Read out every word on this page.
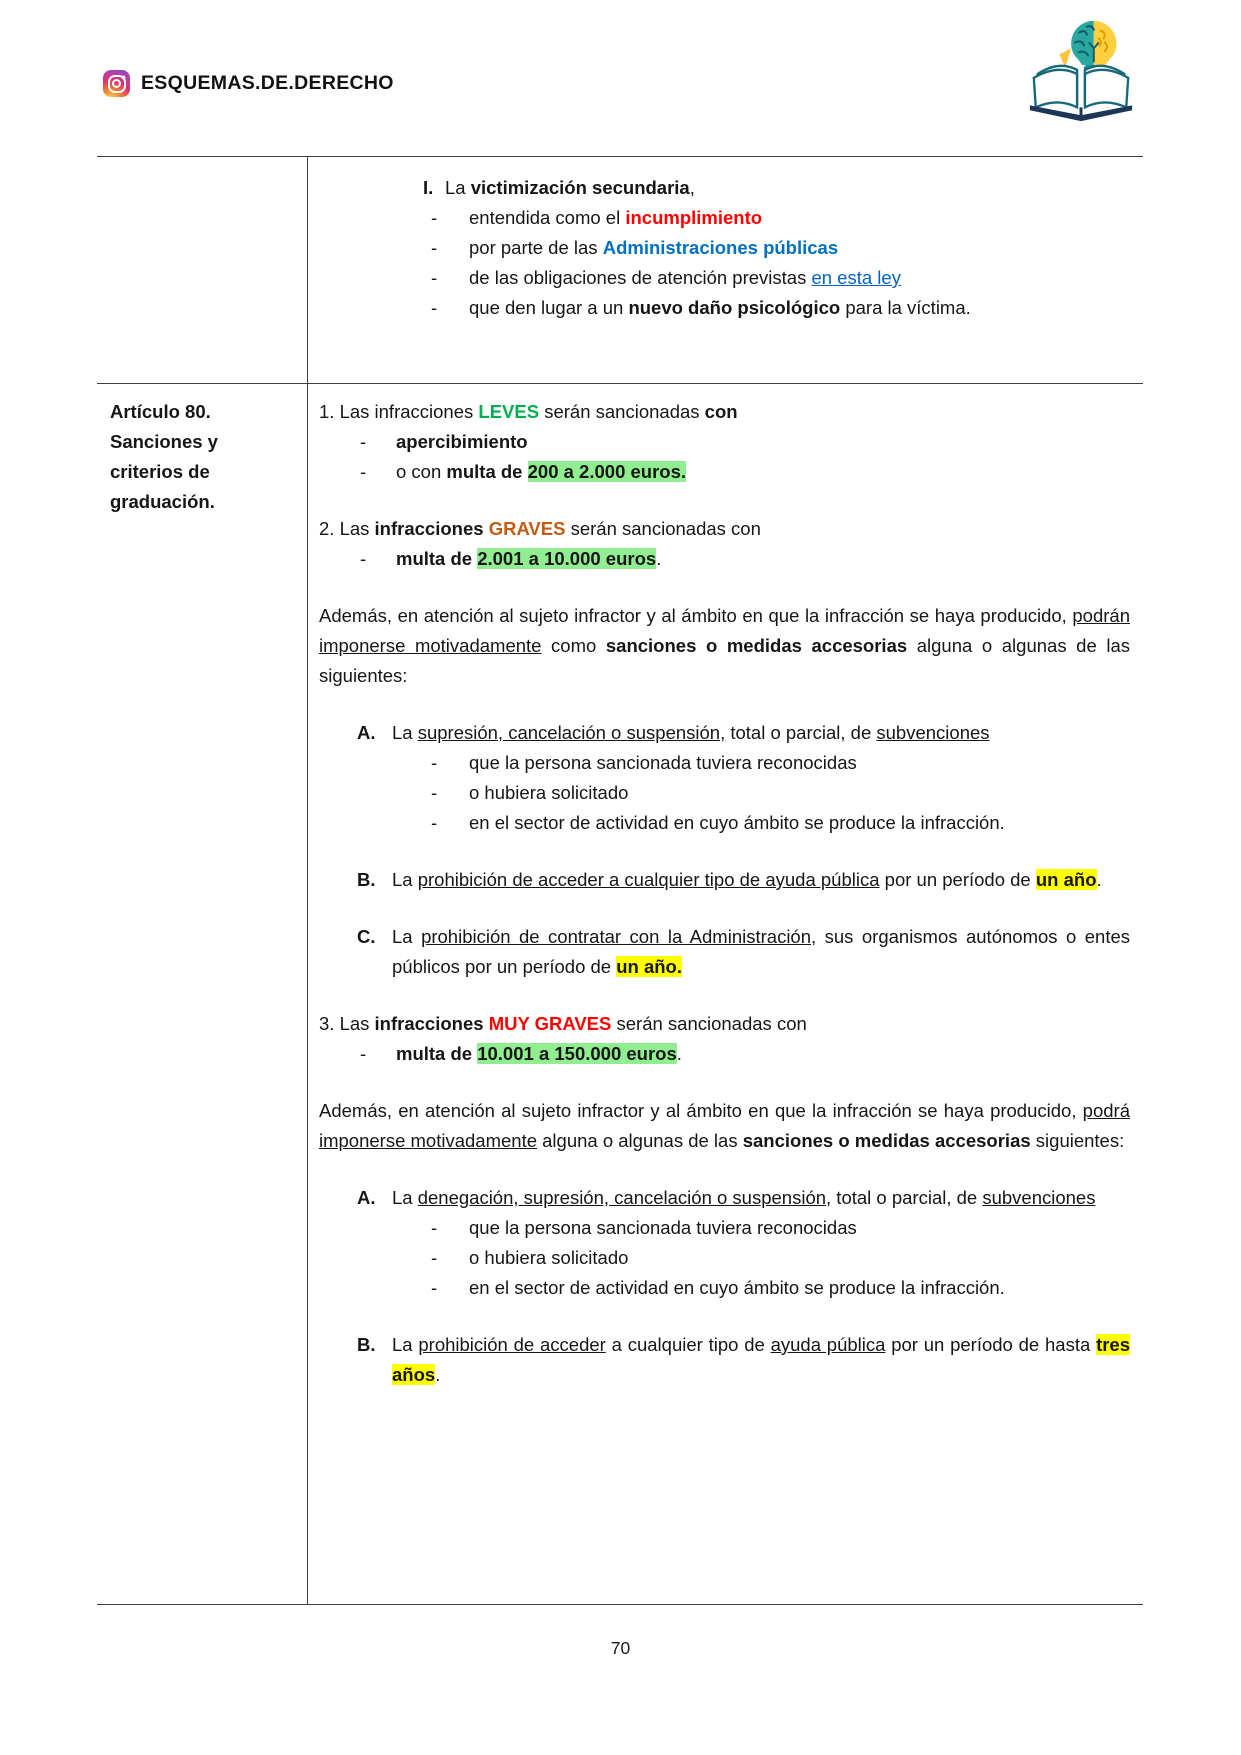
ESQUEMAS.DE.DERECHO
I. La victimización secundaria,
-	entendida como el incumplimiento
-	por parte de las Administraciones públicas
-	de las obligaciones de atención previstas en esta ley
-	que den lugar a un nuevo daño psicológico para la víctima.
Artículo 80.
Sanciones y
criterios de
graduación.
1. Las infracciones LEVES serán sancionadas con
-	apercibimiento
-	o con multa de 200 a 2.000 euros.
2. Las infracciones GRAVES serán sancionadas con
-	multa de 2.001 a 10.000 euros.
Además, en atención al sujeto infractor y al ámbito en que la infracción se haya producido, podrán imponerse motivadamente como sanciones o medidas accesorias alguna o algunas de las siguientes:
A. La supresión, cancelación o suspensión, total o parcial, de subvenciones
-	que la persona sancionada tuviera reconocidas
-	o hubiera solicitado
-	en el sector de actividad en cuyo ámbito se produce la infracción.
B. La prohibición de acceder a cualquier tipo de ayuda pública por un período de un año.
C. La prohibición de contratar con la Administración, sus organismos autónomos o entes públicos por un período de un año.
3. Las infracciones MUY GRAVES serán sancionadas con
-	multa de 10.001 a 150.000 euros.
Además, en atención al sujeto infractor y al ámbito en que la infracción se haya producido, podrá imponerse motivadamente alguna o algunas de las sanciones o medidas accesorias siguientes:
A. La denegación, supresión, cancelación o suspensión, total o parcial, de subvenciones
-	que la persona sancionada tuviera reconocidas
-	o hubiera solicitado
-	en el sector de actividad en cuyo ámbito se produce la infracción.
B. La prohibición de acceder a cualquier tipo de ayuda pública por un período de hasta tres años.
70
